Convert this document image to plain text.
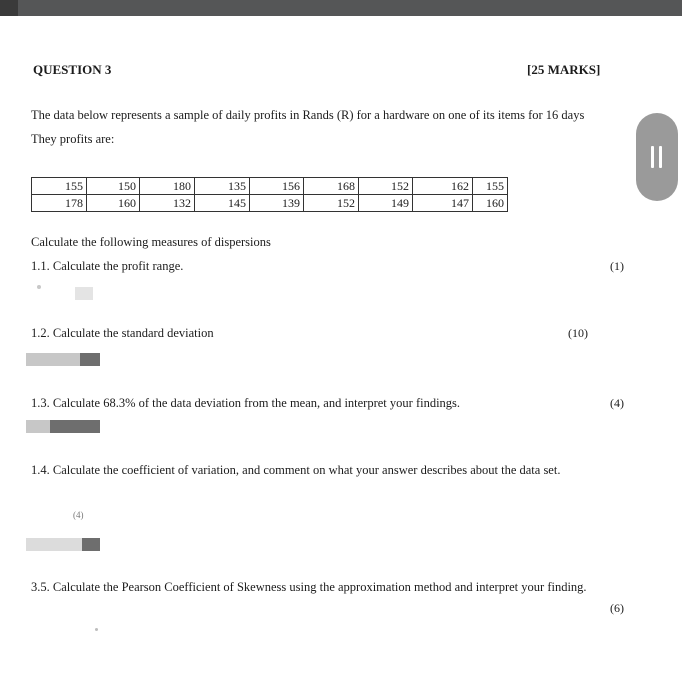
QUESTION 3	[25 MARKS]
The data below represents a sample of daily profits in Rands (R) for a hardware on one of its items for 16 days
They profits are:
155	150	180	135	156	168	152	162	155
178	160	132	145	139	152	149	147	160
Calculate the following measures of dispersions
1.1. Calculate the profit range.	(1)
1.2. Calculate the standard deviation	(10)
1.3. Calculate 68.3% of the data deviation from the mean, and interpret your findings.	(4)
1.4. Calculate the coefficient of variation, and comment on what your answer describes about the data set.
(4)
3.5. Calculate the Pearson Coefficient of Skewness using the approximation method and interpret your finding.
(6)
